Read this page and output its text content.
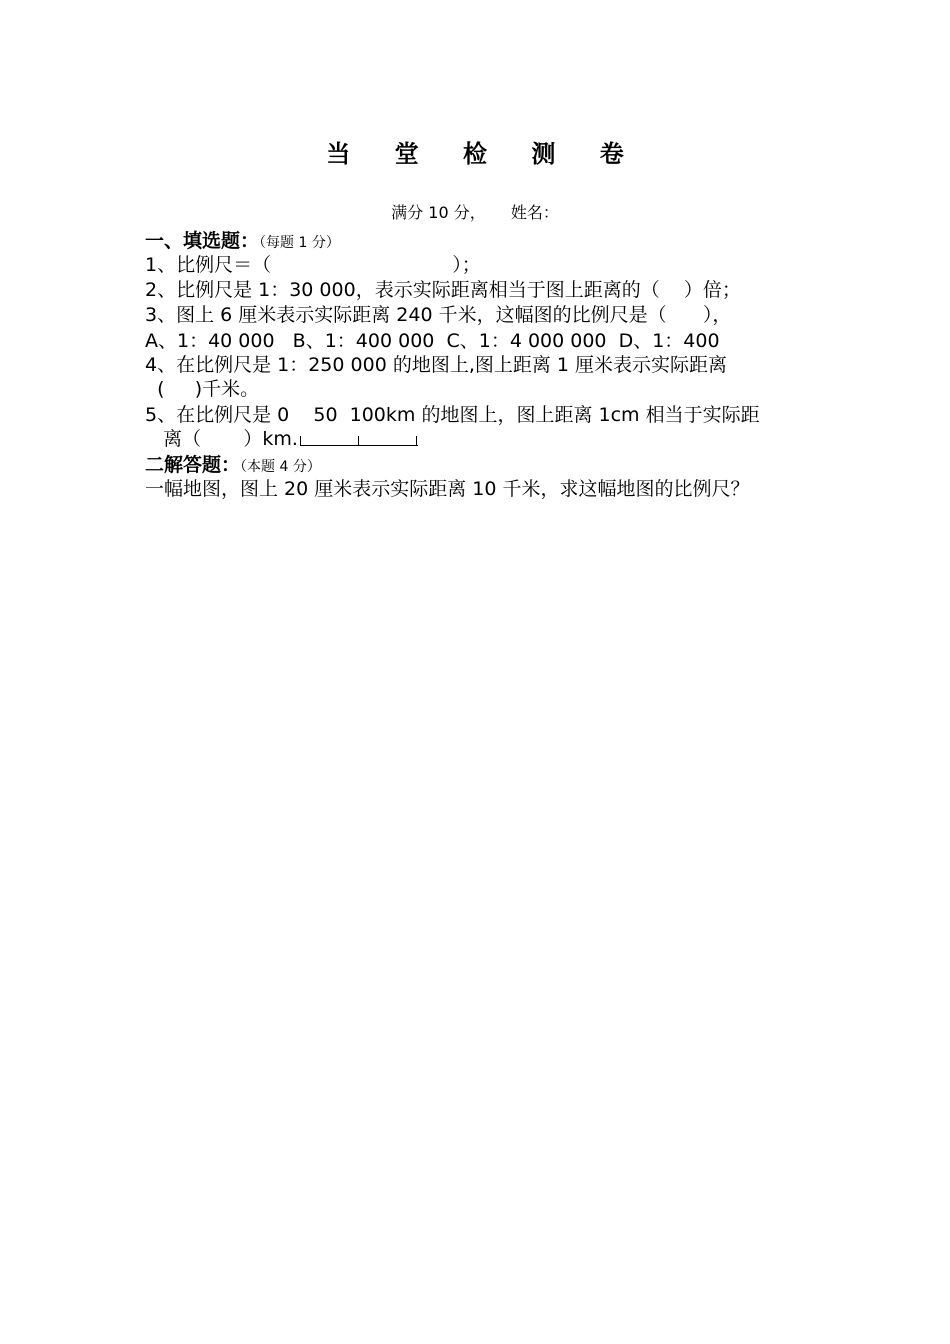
当 堂 检 测 卷
满分 10 分， 姓名：
一、填选题：（每题 1 分）
1、比例尺＝（                              ）；
2、比例尺是 1：30 000，表示实际距离相当于图上距离的（    ）倍；
3、图上 6 厘米表示实际距离 240 千米，这幅图的比例尺是（      ），
A、1：40 000   B、1：400 000  C、1：4 000 000  D、1：400
4、在比例尺是 1：250 000 的地图上,图上距离 1 厘米表示实际距离
(     )千米。
5、在比例尺是 0    50  100km 的地图上，图上距离 1cm 相当于实际距
离（       ）km.
二解答题：（本题 4 分）
一幅地图，图上 20 厘米表示实际距离 10 千米，求这幅地图的比例尺？
